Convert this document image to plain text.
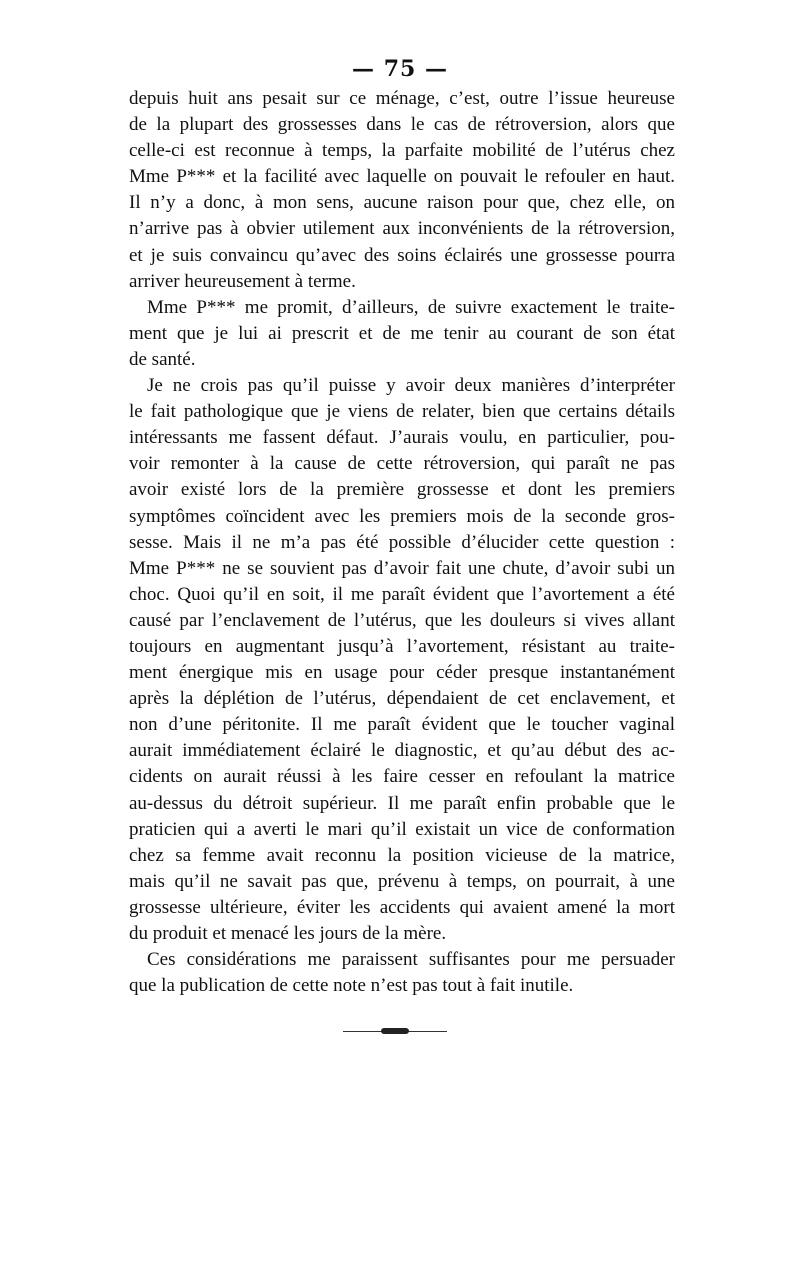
— 75 —
depuis huit ans pesait sur ce ménage, c’est, outre l’issue heureuse
de la plupart des grossesses dans le cas de rétroversion, alors que
celle-ci est reconnue à temps, la parfaite mobilité de l’utérus chez
Mme P*** et la facilité avec laquelle on pouvait le refouler en haut.
Il n’y a donc, à mon sens, aucune raison pour que, chez elle, on
n’arrive pas à obvier utilement aux inconvénients de la rétroversion,
et je suis convaincu qu’avec des soins éclairés une grossesse pourra
arriver heureusement à terme.
Mme P*** me promit, d’ailleurs, de suivre exactement le traite-
ment que je lui ai prescrit et de me tenir au courant de son état
de santé.
Je ne crois pas qu’il puisse y avoir deux manières d’interpréter
le fait pathologique que je viens de relater, bien que certains détails
intéressants me fassent défaut. J’aurais voulu, en particulier, pou-
voir remonter à la cause de cette rétroversion, qui paraît ne pas
avoir existé lors de la première grossesse et dont les premiers
symptômes coïncident avec les premiers mois de la seconde gros-
sesse. Mais il ne m’a pas été possible d’élucider cette question :
Mme P*** ne se souvient pas d’avoir fait une chute, d’avoir subi un
choc. Quoi qu’il en soit, il me paraît évident que l’avortement a été
causé par l’enclavement de l’utérus, que les douleurs si vives allant
toujours en augmentant jusqu’à l’avortement, résistant au traite-
ment énergique mis en usage pour céder presque instantanément
après la déplétion de l’utérus, dépendaient de cet enclavement, et
non d’une péritonite. Il me paraît évident que le toucher vaginal
aurait immédiatement éclairé le diagnostic, et qu’au début des ac-
cidents on aurait réussi à les faire cesser en refoulant la matrice
au-dessus du détroit supérieur. Il me paraît enfin probable que le
praticien qui a averti le mari qu’il existait un vice de conformation
chez sa femme avait reconnu la position vicieuse de la matrice,
mais qu’il ne savait pas que, prévenu à temps, on pourrait, à une
grossesse ultérieure, éviter les accidents qui avaient amené la mort
du produit et menacé les jours de la mère.
Ces considérations me paraissent suffisantes pour me persuader
que la publication de cette note n’est pas tout à fait inutile.
